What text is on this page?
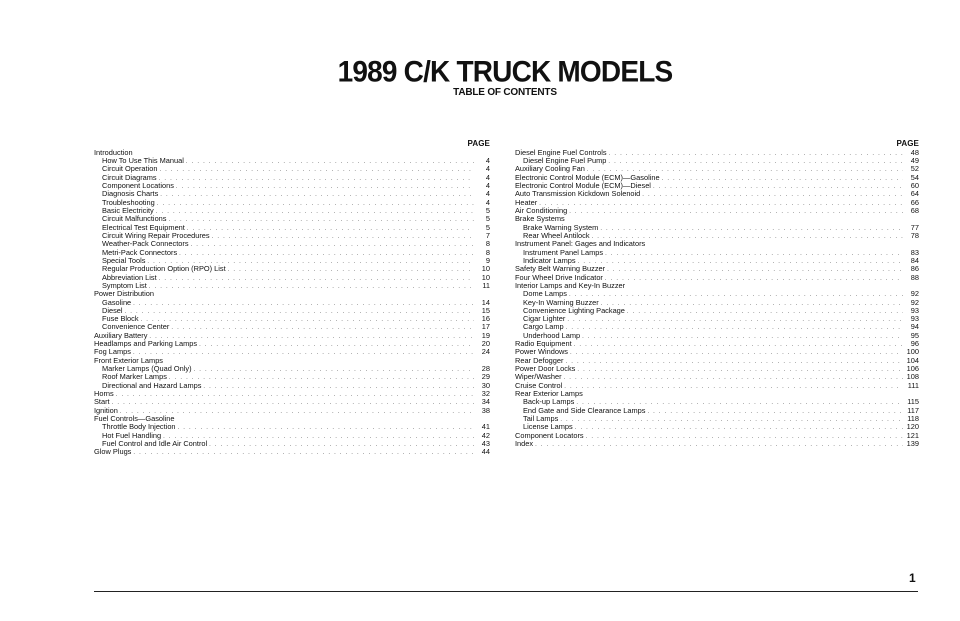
1989 C/K TRUCK MODELS
TABLE OF CONTENTS
PAGE
Introduction
How To Use This Manual . . .	4
Circuit Operation . . .	4
Circuit Diagrams . . .	4
Component Locations . . .	4
Diagnosis Charts . . .	4
Troubleshooting . . .	4
Basic Electricity . . .	5
Circuit Malfunctions . . .	5
Electrical Test Equipment . . .	5
Circuit Wiring Repair Procedures . . .	7
Weather-Pack Connectors . . .	8
Metri-Pack Connectors . . .	8
Special Tools . . .	9
Regular Production Option (RPO) List . . .	10
Abbreviation List . . .	10
Symptom List . . .	11
Power Distribution
Gasoline . . .	14
Diesel . . .	15
Fuse Block . . .	16
Convenience Center . . .	17
Auxiliary Battery . . .	19
Headlamps and Parking Lamps . . .	20
Fog Lamps . . .	24
Front Exterior Lamps
Marker Lamps (Quad Only) . . .	28
Roof Marker Lamps . . .	29
Directional and Hazard Lamps . . .	30
Horns . . .	32
Start . . .	34
Ignition . . .	38
Fuel Controls—Gasoline
Throttle Body Injection . . .	41
Hot Fuel Handling . . .	42
Fuel Control and Idle Air Control . . .	43
Glow Plugs . . .	44
PAGE
Diesel Engine Fuel Controls . . .	48
Diesel Engine Fuel Pump . . .	49
Auxiliary Cooling Fan . . .	52
Electronic Control Module (ECM)—Gasoline . . .	54
Electronic Control Module (ECM)—Diesel . . .	60
Auto Transmission Kickdown Solenoid . . .	64
Heater . . .	66
Air Conditioning . . .	68
Brake Systems
Brake Warning System . . .	77
Rear Wheel Antilock . . .	78
Instrument Panel: Gages and Indicators
Instrument Panel Lamps . . .	83
Indicator Lamps . . .	84
Safety Belt Warning Buzzer . . .	86
Four Wheel Drive Indicator . . .	88
Interior Lamps and Key-In Buzzer
Dome Lamps . . .	92
Key-In Warning Buzzer . . .	92
Convenience Lighting Package . . .	93
Cigar Lighter . . .	93
Cargo Lamp . . .	94
Underhood Lamp . . .	95
Radio Equipment . . .	96
Power Windows . . .	100
Rear Defogger . . .	104
Power Door Locks . . .	106
Wiper/Washer . . .	108
Cruise Control . . .	111
Rear Exterior Lamps
Back-up Lamps . . .	115
End Gate and Side Clearance Lamps . . .	117
Tail Lamps . . .	118
License Lamps . . .	120
Component Locators . . .	121
Index . . .	139
1
